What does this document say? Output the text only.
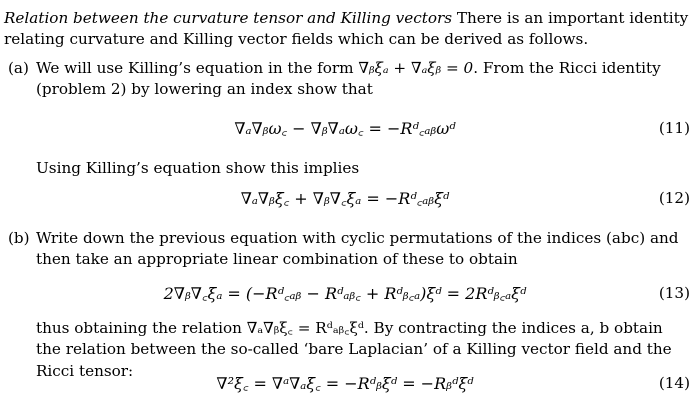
Relation between the curvature tensor and Killing vectors There is an important identity relating curvature and Killing vector fields which can be derived as follows.
(a) We will use Killing’s equation in the form ∇ᵦξₐ + ∇ₐξᵦ = 0. From the Ricci identity (problem 2) by lowering an index show that
∇ₐ∇ᵦω꜀ − ∇ᵦ∇ₐω꜀ = −Rᵈ꜀ₐᵦωᵈ	(11)
Using Killing’s equation show this implies
∇ₐ∇ᵦξ꜀ + ∇ᵦ∇꜀ξₐ = −Rᵈ꜀ₐᵦξᵈ	(12)
(b) Write down the previous equation with cyclic permutations of the indices (abc) and then take an appropriate linear combination of these to obtain
2∇ᵦ∇꜀ξₐ = (−Rᵈ꜀ₐᵦ − Rᵈₐᵦ꜀ + Rᵈᵦ꜀ₐ)ξᵈ = 2Rᵈᵦ꜀ₐξᵈ	(13)
thus obtaining the relation ∇ₐ∇ᵦξ꜀ = Rᵈₐᵦ꜀ξᵈ. By contracting the indices a, b obtain the relation between the so-called ‘bare Laplacian’ of a Killing vector field and the Ricci tensor:
∇²ξ꜀ = ∇ᵃ∇ₐξ꜀ = −Rᵈᵦξᵈ = −Rᵦᵈξᵈ	(14)
